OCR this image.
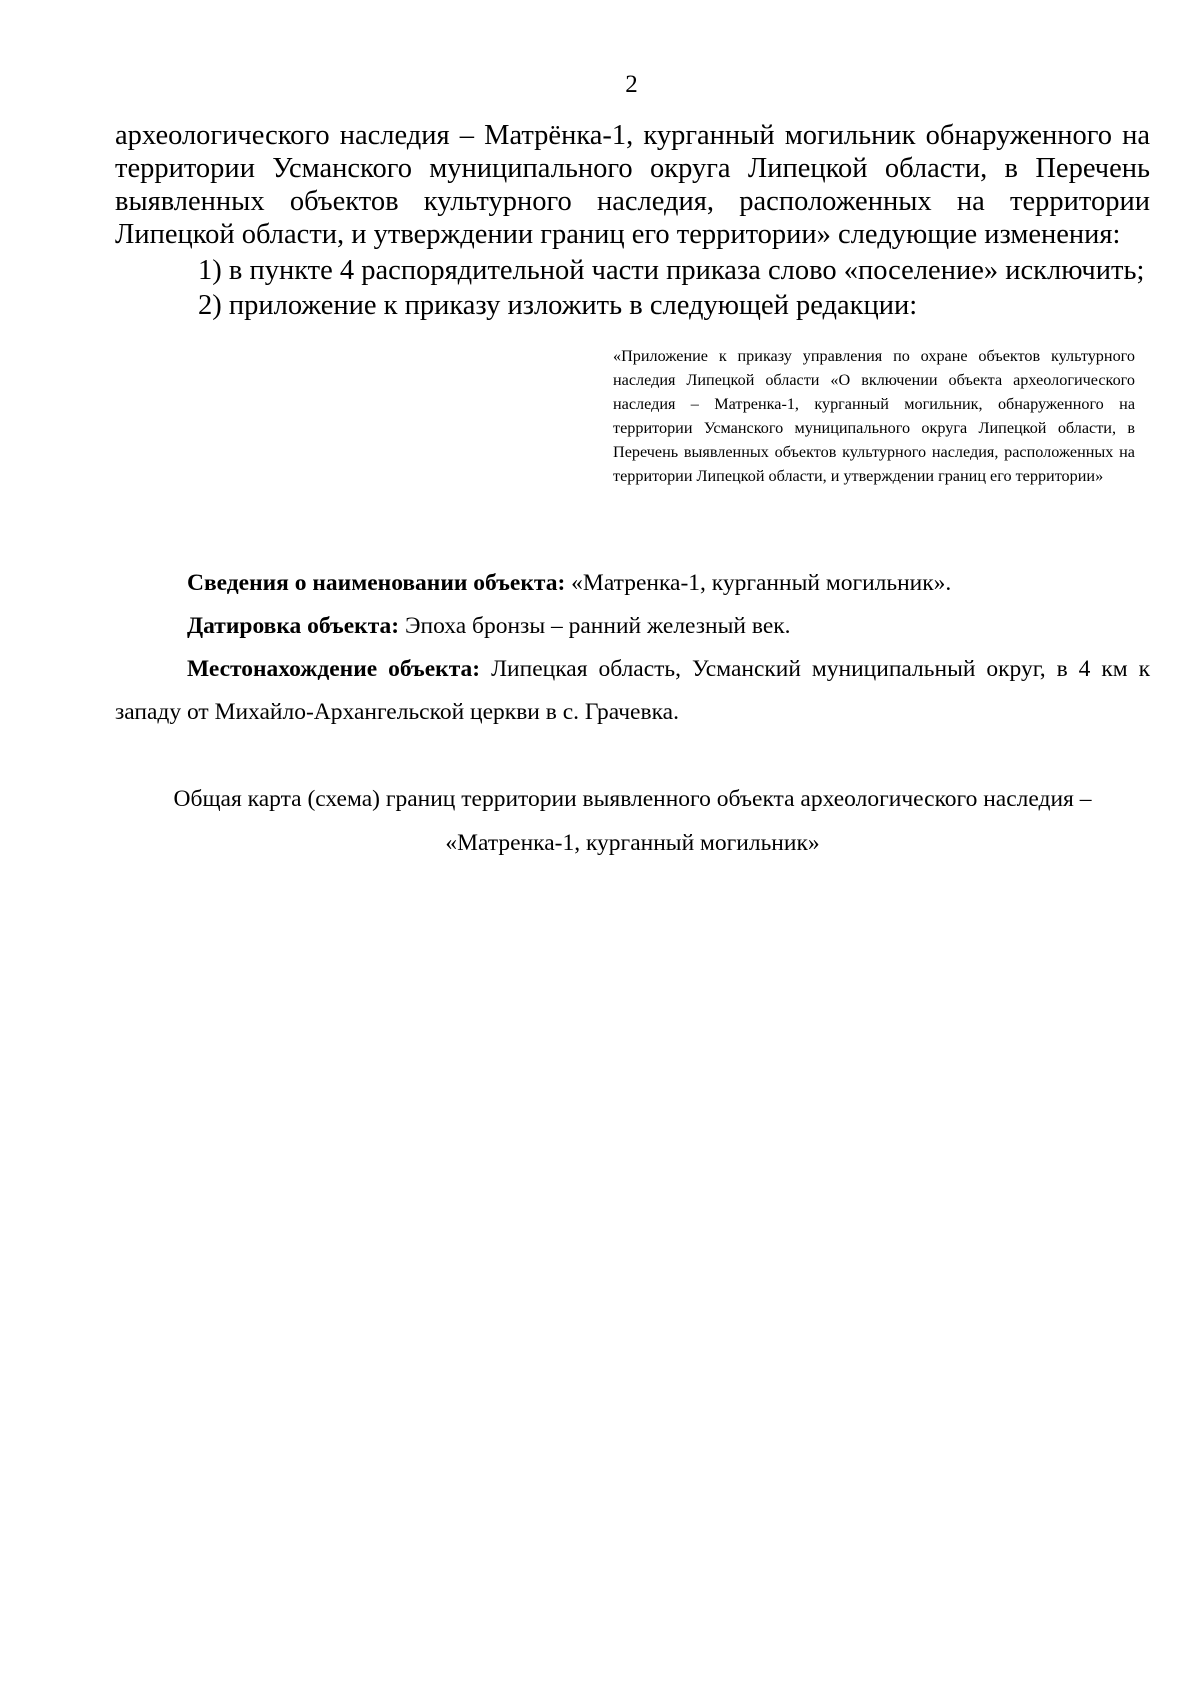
2

археологического наследия – Матрёнка-1, курганный могильник обнаруженного на территории Усманского муниципального округа Липецкой области, в Перечень выявленных объектов культурного наследия, расположенных на территории Липецкой области, и утверждении границ его территории» следующие изменения:

1) в пункте 4 распорядительной части приказа слово «поселение» исключить;

2) приложение к приказу изложить в следующей редакции:

«Приложение к приказу управления по охране объектов культурного наследия Липецкой области «О включении объекта археологического наследия – Матренка-1, курганный могильник, обнаруженного на территории Усманского муниципального округа Липецкой области, в Перечень выявленных объектов культурного наследия, расположенных на территории Липецкой области, и утверждении границ его территории»

Сведения о наименовании объекта: «Матренка-1, курганный могильник».

Датировка объекта: Эпоха бронзы – ранний железный век.

Местонахождение объекта: Липецкая область, Усманский муниципальный округ, в 4 км к западу от Михайло-Архангельской церкви в с. Грачевка.

Общая карта (схема) границ территории выявленного объекта археологического наследия –
«Матренка-1, курганный могильник»
